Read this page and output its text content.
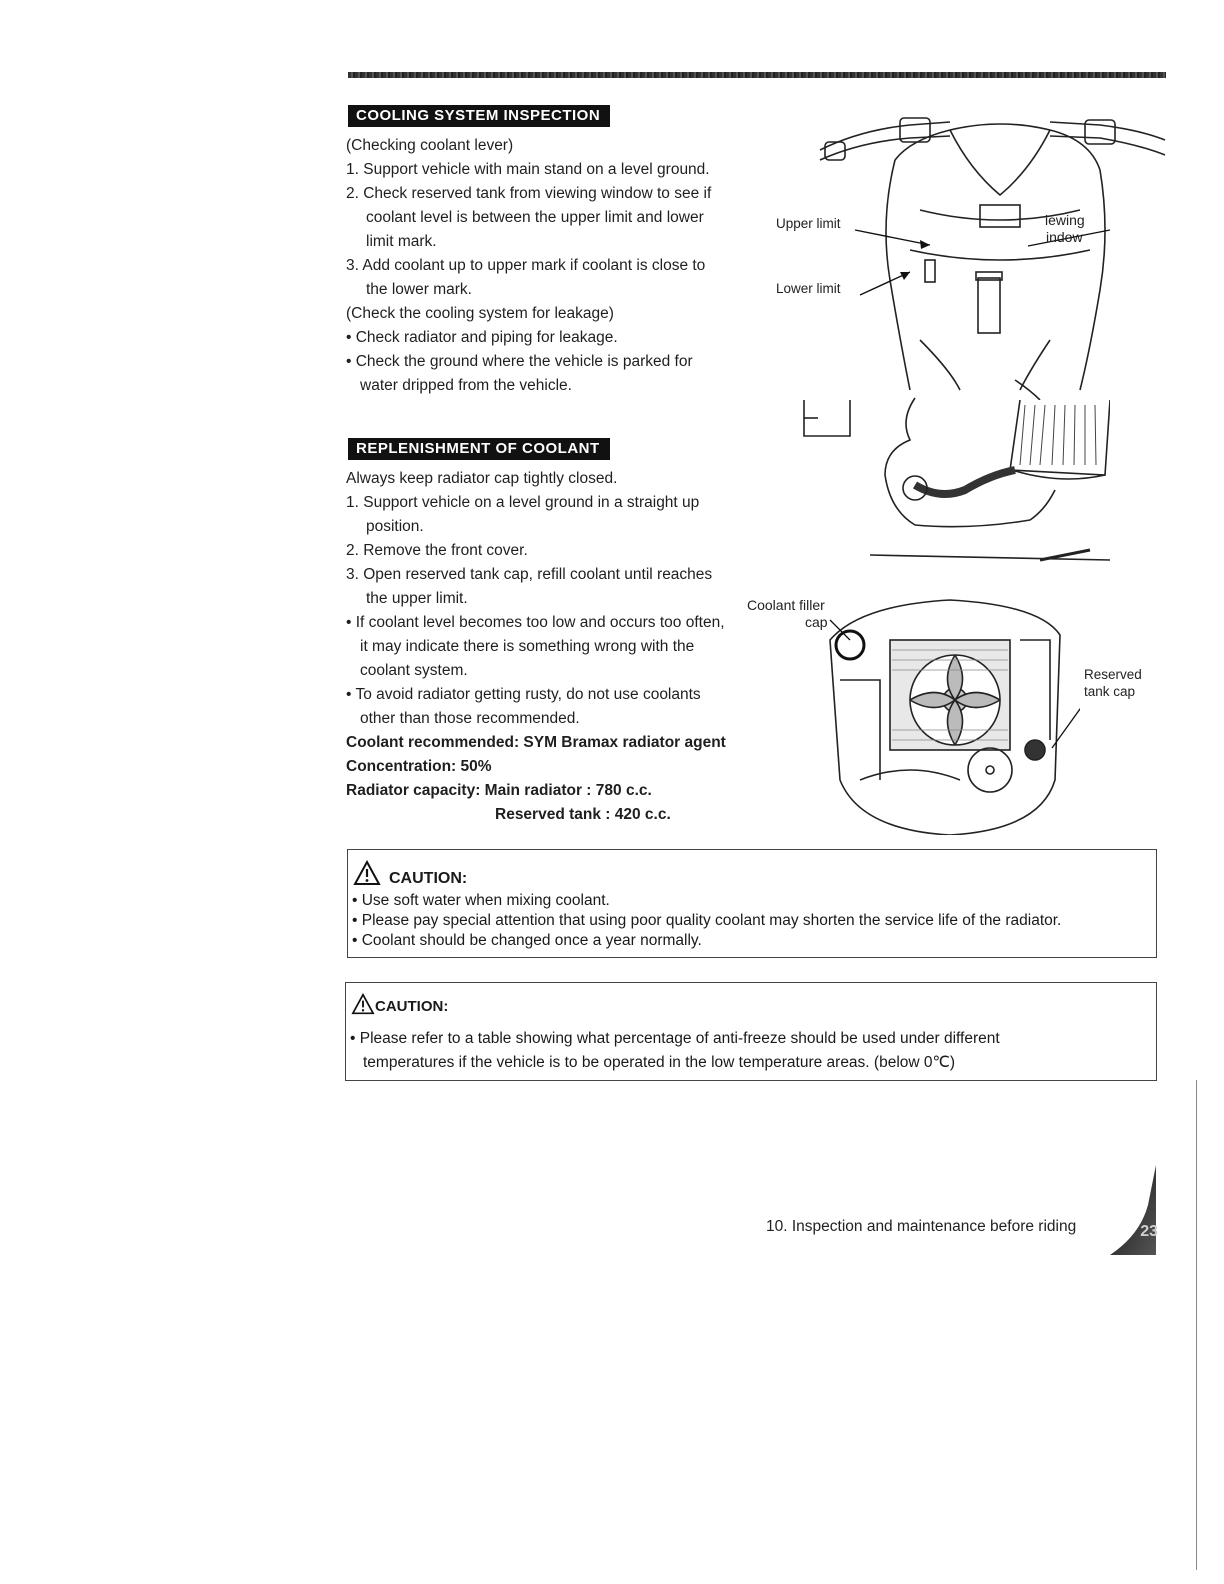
COOLING SYSTEM INSPECTION
(Checking coolant lever)
1. Support vehicle with main stand on a level ground.
2. Check reserved tank from viewing window to see if
coolant level is between the upper limit and lower
limit mark.
3. Add coolant up to upper mark if coolant is close to
the lower mark.
(Check the cooling system for leakage)
• Check radiator and piping for leakage.
• Check the ground where the vehicle is parked for
water dripped from the vehicle.
REPLENISHMENT OF COOLANT
Always keep radiator cap tightly closed.
1. Support vehicle on a level ground in a straight up
position.
2. Remove the front cover.
3. Open reserved tank cap, refill coolant until reaches
the upper limit.
• If coolant level becomes too low and occurs too often,
it may indicate there is something wrong with the
coolant system.
• To avoid radiator getting rusty, do not use coolants
other than those recommended.
Coolant recommended: SYM Bramax radiator agent
Concentration: 50%
Radiator capacity: Main radiator : 780 c.c.
Reserved tank : 420 c.c.
Upper limit
Lower limit
iewing
indow
Coolant filler
cap
Reserved
tank cap
CAUTION:
• Use soft water when mixing coolant.
• Please pay special attention that using poor quality coolant may shorten the service life of the radiator.
• Coolant should be changed once a year normally.
CAUTION:
• Please refer to a table showing what percentage of anti-freeze should be used under different
temperatures if the vehicle is to be operated in the low temperature areas. (below 0℃)
10. Inspection and maintenance before riding	23
